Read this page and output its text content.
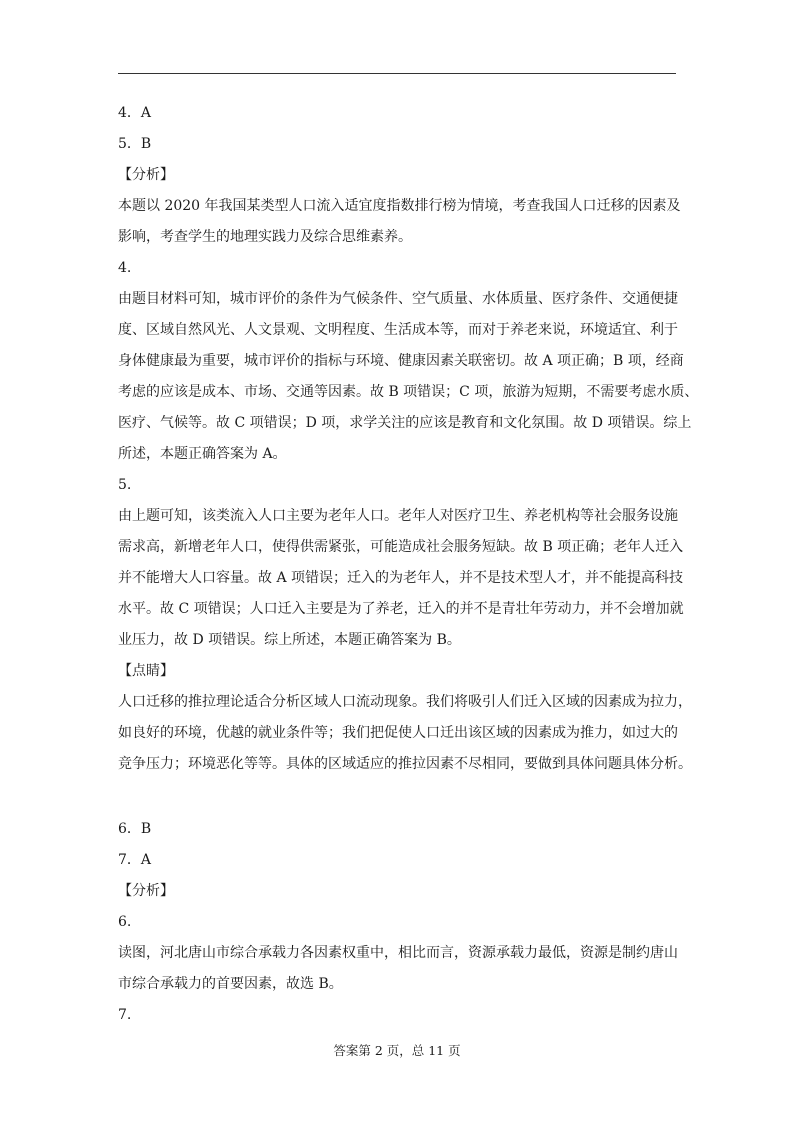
4．A
5．B
【分析】
本题以 2020 年我国某类型人口流入适宜度指数排行榜为情境，考查我国人口迁移的因素及
影响，考查学生的地理实践力及综合思维素养。
4.
由题目材料可知，城市评价的条件为气候条件、空气质量、水体质量、医疗条件、交通便捷
度、区域自然风光、人文景观、文明程度、生活成本等，而对于养老来说，环境适宜、利于
身体健康最为重要，城市评价的指标与环境、健康因素关联密切。故 A 项正确；B 项，经商
考虑的应该是成本、市场、交通等因素。故 B 项错误；C 项，旅游为短期，不需要考虑水质、
医疗、气候等。故 C 项错误；D 项，求学关注的应该是教育和文化氛围。故 D 项错误。综上
所述，本题正确答案为 A。
5.
由上题可知，该类流入人口主要为老年人口。老年人对医疗卫生、养老机构等社会服务设施
需求高，新增老年人口，使得供需紧张，可能造成社会服务短缺。故 B 项正确；老年人迁入
并不能增大人口容量。故 A 项错误；迁入的为老年人，并不是技术型人才，并不能提高科技
水平。故 C 项错误；人口迁入主要是为了养老，迁入的并不是青壮年劳动力，并不会增加就
业压力，故 D 项错误。综上所述，本题正确答案为 B。
【点睛】
人口迁移的推拉理论适合分析区域人口流动现象。我们将吸引人们迁入区域的因素成为拉力，
如良好的环境，优越的就业条件等；我们把促使人口迁出该区域的因素成为推力，如过大的
竞争压力；环境恶化等等。具体的区域适应的推拉因素不尽相同，要做到具体问题具体分析。
6．B
7．A
【分析】
6.
读图，河北唐山市综合承载力各因素权重中，相比而言，资源承载力最低，资源是制约唐山
市综合承载力的首要因素，故选 B。
7.
答案第 2 页，总 11 页
